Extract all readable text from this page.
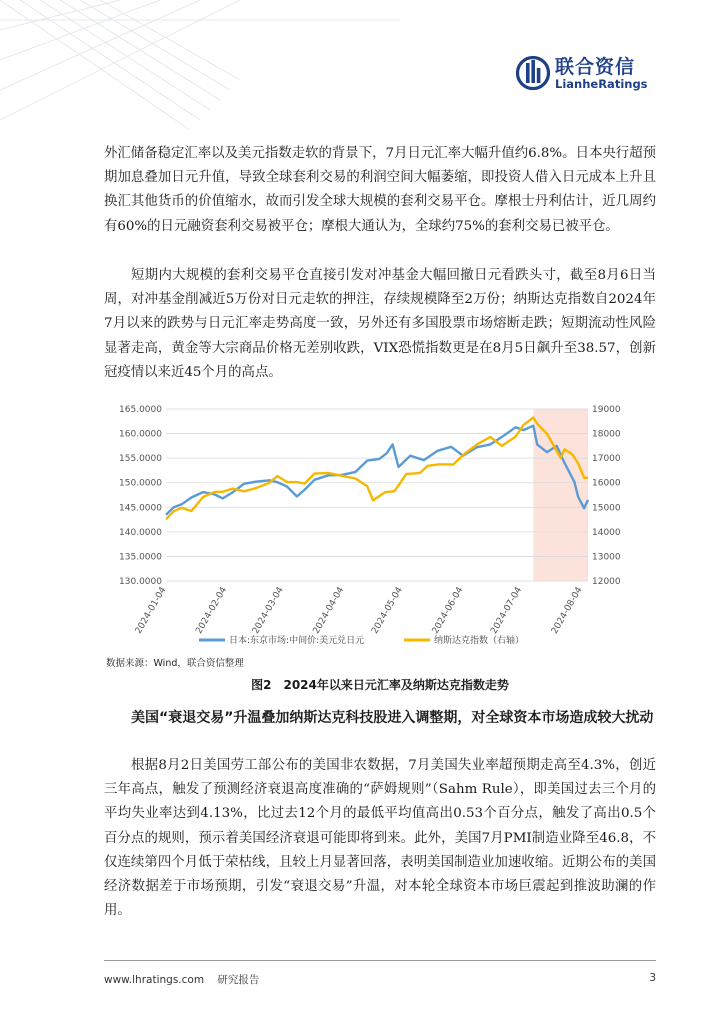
联合资信
LianheRatings

外汇储备稳定汇率以及美元指数走软的背景下，7月日元汇率大幅升值约6.8%。日本央行超预期加息叠加日元升值，导致全球套利交易的利润空间大幅萎缩，即投资人借入日元成本上升且换汇其他货币的价值缩水，故而引发全球大规模的套利交易平仓。摩根士丹利估计，近几周约有60%的日元融资套利交易被平仓；摩根大通认为，全球约75%的套利交易已被平仓。

短期内大规模的套利交易平仓直接引发对冲基金大幅回撤日元看跌头寸，截至8月6日当周，对冲基金削减近5万份对日元走软的押注，存续规模降至2万份；纳斯达克指数自2024年7月以来的跌势与日元汇率走势高度一致，另外还有多国股票市场熔断走跌；短期流动性风险显著走高，黄金等大宗商品价格无差别收跌，VIX恐慌指数更是在8月5日飙升至38.57，创新冠疫情以来近45个月的高点。

130.0000
135.0000
140.0000
145.0000
150.0000
155.0000
160.0000
165.0000
12000
13000
14000
15000
16000
17000
18000
19000
2024-01-04	2024-02-04 2024-03-04	2024-04-04	2024-05-04	2024-06-04	2024-07-04	2024-08-04
日本:东京市场:中间价:美元兑日元	纳斯达克指数（右轴）
数据来源：Wind，联合资信整理
图2　2024年以来日元汇率及纳斯达克指数走势

美国“衰退交易”升温叠加纳斯达克科技股进入调整期，对全球资本市场造成较大扰动

根据8月2日美国劳工部公布的美国非农数据，7月美国失业率超预期走高至4.3%，创近三年高点，触发了预测经济衰退高度准确的“萨姆规则”（Sahm Rule），即美国过去三个月的平均失业率达到4.13%，比过去12个月的最低平均值高出0.53个百分点，触发了高出0.5个百分点的规则，预示着美国经济衰退可能即将到来。此外，美国7月PMI制造业降至46.8，不仅连续第四个月低于荣枯线，且较上月显著回落，表明美国制造业加速收缩。近期公布的美国经济数据差于市场预期，引发“衰退交易”升温，对本轮全球资本市场巨震起到推波助澜的作用。

www.lhratings.com 研究报告	3
